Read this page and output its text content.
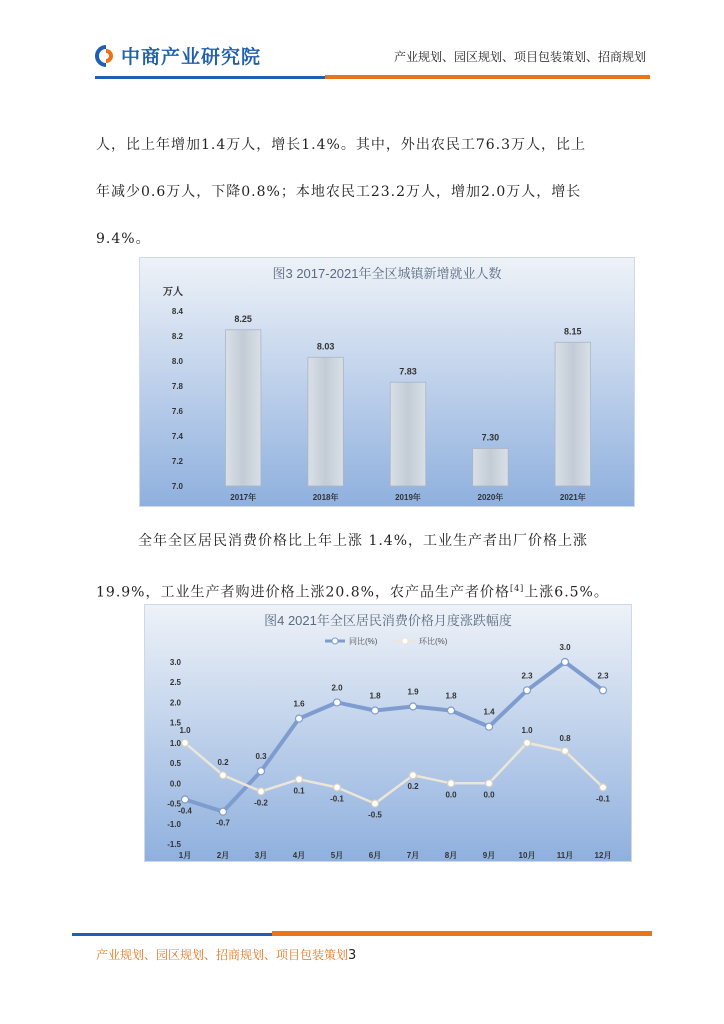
中商产业研究院	产业规划、园区规划、项目包装策划、招商规划
人，比上年增加1.4万人，增长1.4%。其中，外出农民工76.3万人，比上
年减少0.6万人，下降0.8%；本地农民工23.2万人，增加2.0万人，增长
9.4%。
图3 2017-2021年全区城镇新增就业人数
万人
8.4
8.2
8.0
7.8
7.6
7.4
7.2
7.0
8.25
8.03
7.83
7.30
8.15
2017年	2018年	2019年	2020年	2021年
全年全区居民消费价格比上年上涨 1.4%，工业生产者出厂价格上涨
19.9%，工业生产者购进价格上涨20.8%，农产品生产者价格[4]上涨6.5%。
图4 2021年全区居民消费价格月度涨跌幅度
同比(%)	环比(%)
3.0
2.5
2.0
1.5
1.0
0.5
0.0
-0.5
-1.0
-1.5
-0.4
-0.7
0.3
1.6
2.0
1.8	1.9	1.8
1.4
2.3
3.0
2.3
1.0
0.2
-0.2
0.1
-0.1
-0.5
0.2
0.0	0.0
1.0
0.8
-0.1
1月	2月	3月	4月	5月	6月	7月	8月	9月	10月	11月	12月
产业规划、园区规划、招商规划、项目包装策划3
